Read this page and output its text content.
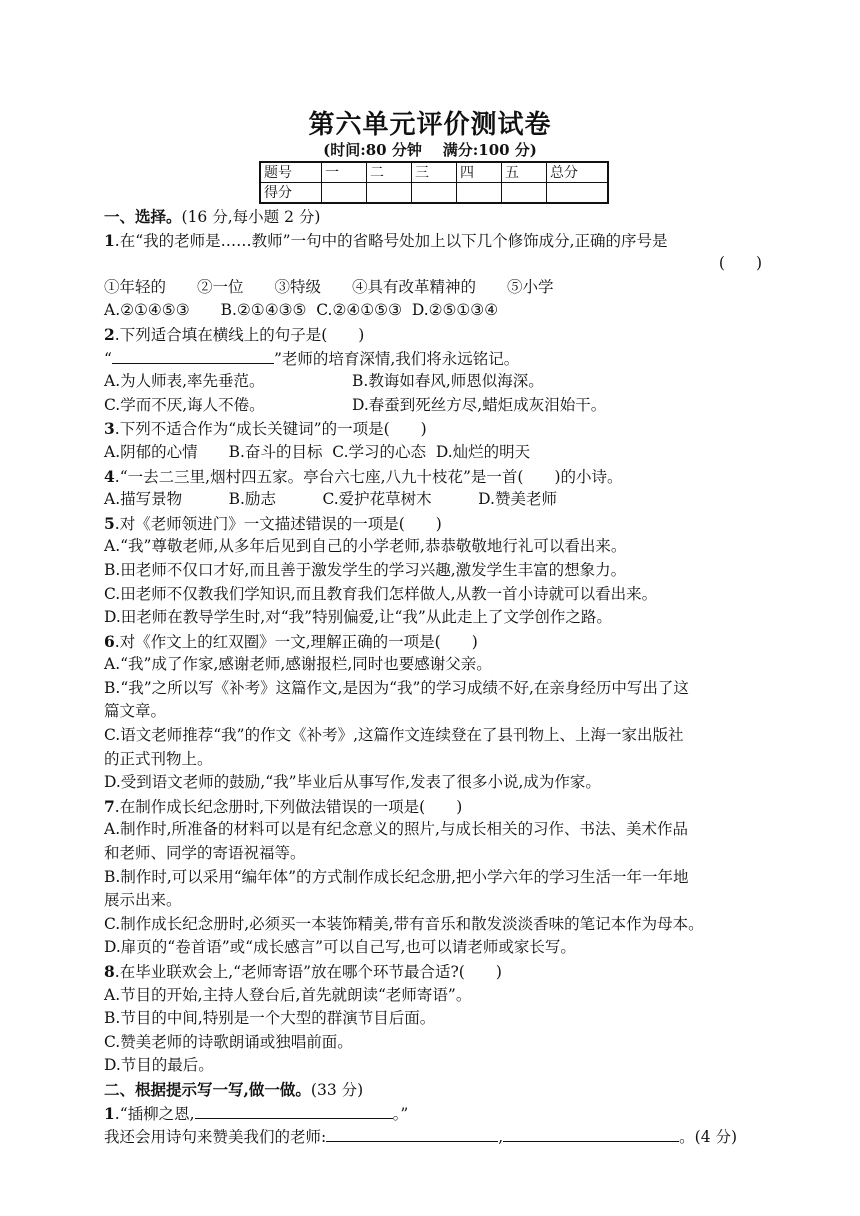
第六单元评价测试卷
(时间:80 分钟    满分:100 分)
题号	一	二	三	四	五	总分
得分						
一、选择。(16 分,每小题 2 分)
1.在“我的老师是……教师”一句中的省略号处加上以下几个修饰成分,正确的序号是
(　　)
①年轻的　　②一位　　③特级　　④具有改革精神的　　⑤小学
A.②①④⑤③　　B.②①④③⑤  C.②④①⑤③  D.②⑤①③④
2.下列适合填在横线上的句子是(　　)
“	”老师的培育深情,我们将永远铭记。
A.为人师表,率先垂范。	B.教诲如春风,师恩似海深。
C.学而不厌,诲人不倦。	D.春蚕到死丝方尽,蜡炬成灰泪始干。
3.下列不适合作为“成长关键词”的一项是(　　)
A.阴郁的心情　　B.奋斗的目标  C.学习的心态  D.灿烂的明天
4.“一去二三里,烟村四五家。亭台六七座,八九十枝花”是一首(　　)的小诗。
A.描写景物　　　B.励志　　　C.爱护花草树木　　　D.赞美老师
5.对《老师领进门》一文描述错误的一项是(　　)
A.“我”尊敬老师,从多年后见到自己的小学老师,恭恭敬敬地行礼可以看出来。
B.田老师不仅口才好,而且善于激发学生的学习兴趣,激发学生丰富的想象力。
C.田老师不仅教我们学知识,而且教育我们怎样做人,从教一首小诗就可以看出来。
D.田老师在教导学生时,对“我”特别偏爱,让“我”从此走上了文学创作之路。
6.对《作文上的红双圈》一文,理解正确的一项是(　　)
A.“我”成了作家,感谢老师,感谢报栏,同时也要感谢父亲。
B.“我”之所以写《补考》这篇作文,是因为“我”的学习成绩不好,在亲身经历中写出了这
篇文章。
C.语文老师推荐“我”的作文《补考》,这篇作文连续登在了县刊物上、上海一家出版社
的正式刊物上。
D.受到语文老师的鼓励,“我”毕业后从事写作,发表了很多小说,成为作家。
7.在制作成长纪念册时,下列做法错误的一项是(　　)
A.制作时,所准备的材料可以是有纪念意义的照片,与成长相关的习作、书法、美术作品
和老师、同学的寄语祝福等。
B.制作时,可以采用“编年体”的方式制作成长纪念册,把小学六年的学习生活一年一年地
展示出来。
C.制作成长纪念册时,必须买一本装饰精美,带有音乐和散发淡淡香味的笔记本作为母本。
D.扉页的“卷首语”或“成长感言”可以自己写,也可以请老师或家长写。
8.在毕业联欢会上,“老师寄语”放在哪个环节最合适?(　　)
A.节目的开始,主持人登台后,首先就朗读“老师寄语”。
B.节目的中间,特别是一个大型的群演节目后面。
C.赞美老师的诗歌朗诵或独唱前面。
D.节目的最后。
二、根据提示写一写,做一做。(33 分)
1.“插柳之恩,	。”
我还会用诗句来赞美我们的老师:	,	。(4 分)
